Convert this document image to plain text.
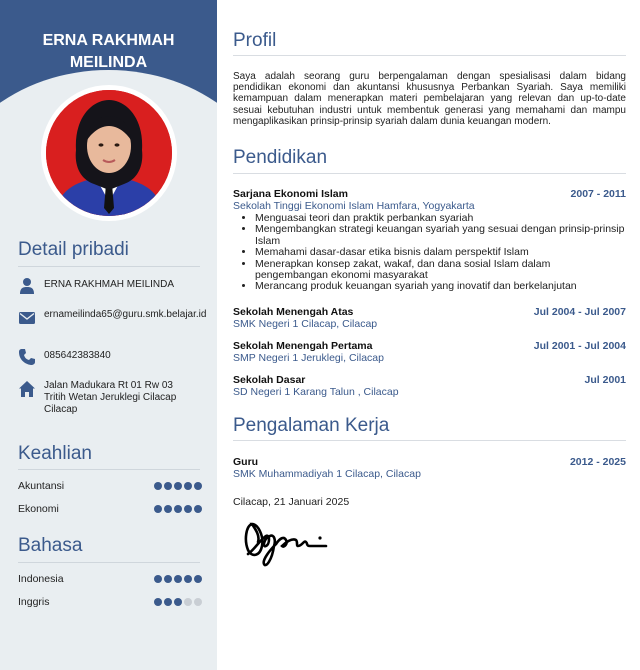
ERNA RAKHMAH
MEILINDA
Detail pribadi
ERNA RAKHMAH MEILINDA
ernameilinda65@guru.smk.belajar.id
085642383840
Jalan Madukara Rt 01 Rw 03 Tritih Wetan Jeruklegi Cilacap Cilacap
Keahlian
Akuntansi
Ekonomi
Bahasa
Indonesia
Inggris
Profil
Saya adalah seorang guru berpengalaman dengan spesialisasi dalam bidang pendidikan ekonomi dan akuntansi khususnya Perbankan Syariah. Saya memiliki kemampuan dalam menerapkan materi pembelajaran yang relevan dan up-to-date sesuai kebutuhan industri untuk membentuk generasi yang memahami dan mampu mengaplikasikan prinsip-prinsip syariah dalam dunia keuangan modern.
Pendidikan
Sarjana Ekonomi Islam	2007 - 2011
Sekolah Tinggi Ekonomi Islam Hamfara, Yogyakarta
• Menguasai teori dan praktik perbankan syariah
• Mengembangkan strategi keuangan syariah yang sesuai dengan prinsip-prinsip Islam
• Memahami dasar-dasar etika bisnis dalam perspektif Islam
• Menerapkan konsep zakat, wakaf, dan dana sosial Islam dalam pengembangan ekonomi masyarakat
• Merancang produk keuangan syariah yang inovatif dan berkelanjutan
Sekolah Menengah Atas	Jul 2004 - Jul 2007
SMK Negeri 1 Cilacap, Cilacap
Sekolah Menengah Pertama	Jul 2001 - Jul 2004
SMP Negeri 1 Jeruklegi, Cilacap
Sekolah Dasar	Jul 2001
SD Negeri 1 Karang Talun , Cilacap
Pengalaman Kerja
Guru	2012 - 2025
SMK Muhammadiyah 1 Cilacap, Cilacap
Cilacap, 21 Januari 2025
